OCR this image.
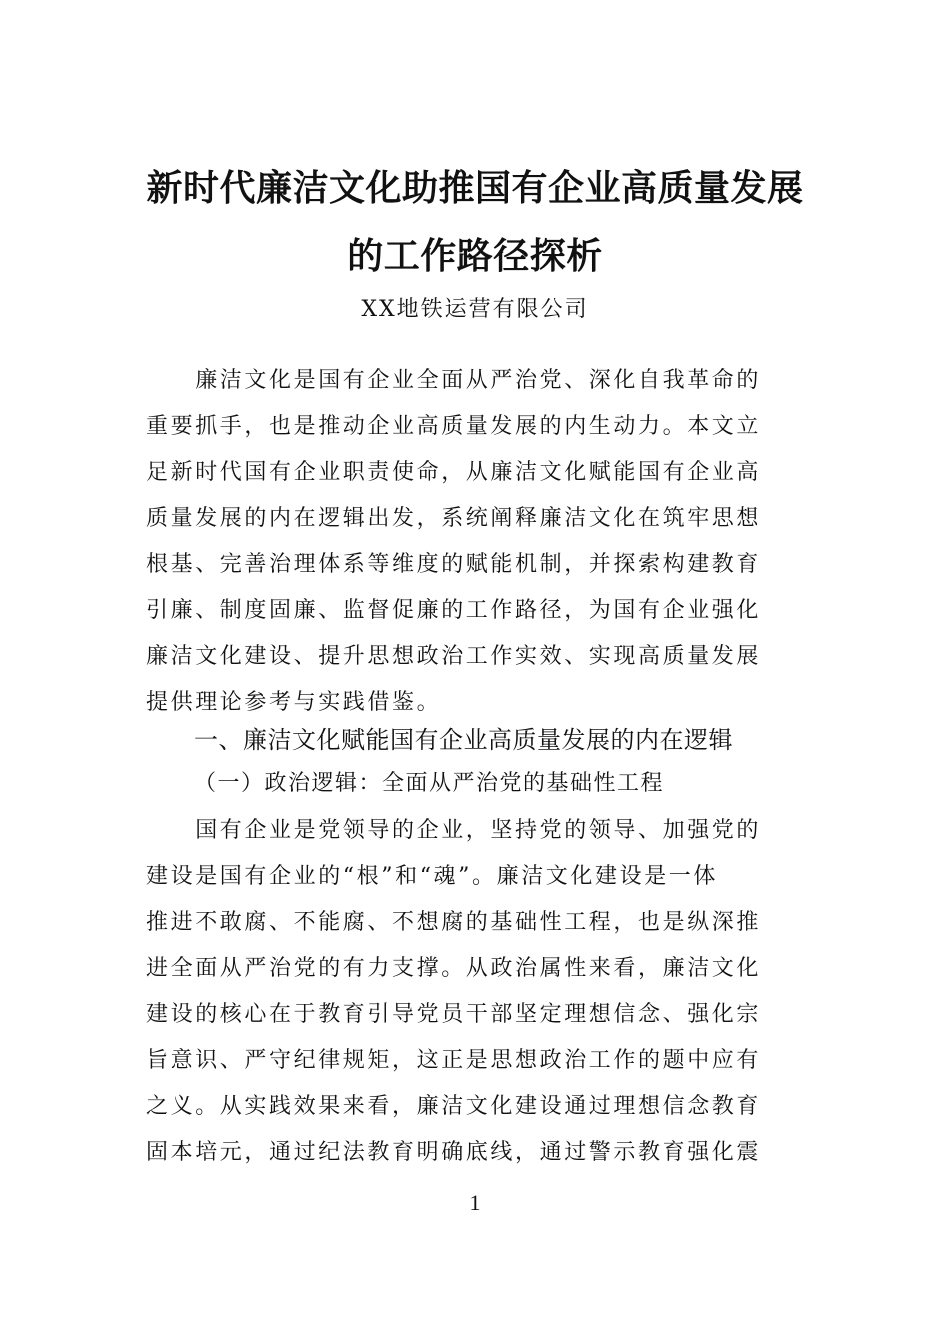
新时代廉洁文化助推国有企业高质量发展
的工作路径探析
XX地铁运营有限公司
　　廉洁文化是国有企业全面从严治党、深化自我革命的
重要抓手，也是推动企业高质量发展的内生动力。本文立
足新时代国有企业职责使命，从廉洁文化赋能国有企业高
质量发展的内在逻辑出发，系统阐释廉洁文化在筑牢思想
根基、完善治理体系等维度的赋能机制，并探索构建教育
引廉、制度固廉、监督促廉的工作路径，为国有企业强化
廉洁文化建设、提升思想政治工作实效、实现高质量发展
提供理论参考与实践借鉴。
一、廉洁文化赋能国有企业高质量发展的内在逻辑
（一）政治逻辑：全面从严治党的基础性工程
　　国有企业是党领导的企业，坚持党的领导、加强党的
建设是国有企业的“根”和“魂”。廉洁文化建设是一体
推进不敢腐、不能腐、不想腐的基础性工程，也是纵深推
进全面从严治党的有力支撑。从政治属性来看，廉洁文化
建设的核心在于教育引导党员干部坚定理想信念、强化宗
旨意识、严守纪律规矩，这正是思想政治工作的题中应有
之义。从实践效果来看，廉洁文化建设通过理想信念教育
固本培元，通过纪法教育明确底线，通过警示教育强化震
1
